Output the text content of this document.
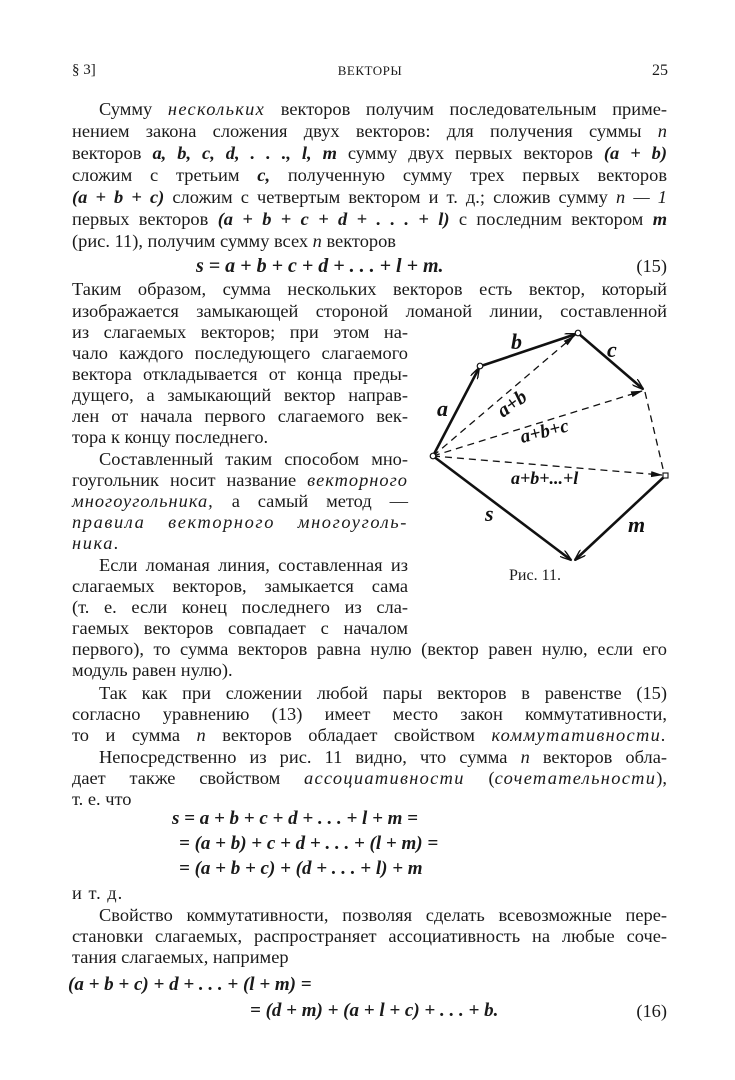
§ 3]	ВЕКТОРЫ	25
Сумму нескольких векторов получим последовательным приме-
нением закона сложения двух векторов: для получения суммы n
векторов a, b, c, d, . . ., l, m сумму двух первых векторов (a + b)
сложим с третьим c, полученную сумму трех первых векторов
(a + b + c) сложим с четвертым вектором и т. д.; сложив сумму n — 1
первых векторов (a + b + c + d + . . . + l) с последним вектором m
(рис. 11), получим сумму всех n векторов
s = a + b + c + d + . . . + l + m.	(15)
Таким образом, сумма нескольких векторов есть вектор, который
изображается замыкающей стороной ломаной линии, составленной
из слагаемых векторов; при этом на-
чало каждого последующего слагаемого
вектора откладывается от конца преды-
дущего, а замыкающий вектор направ-
лен от начала первого слагаемого век-
тора к концу последнего.
Составленный таким способом мно-
гоугольник носит название векторного
многоугольника, а самый метод —
правила векторного многоуголь-
ника.
Если ломаная линия, составленная из
слагаемых векторов, замыкается сама
(т. е. если конец последнего из сла-
гаемых векторов совпадает с началом
первого), то сумма векторов равна нулю (вектор равен нулю, если его
модуль равен нулю).
Так как при сложении любой пары векторов в равенстве (15)
согласно уравнению (13) имеет место закон коммутативности,
то и сумма n векторов обладает свойством коммутативности.
Непосредственно из рис. 11 видно, что сумма n векторов обла-
дает также свойством ассоциативности (сочетательности),
т. е. что
s = a + b + c + d + . . . + l + m =
= (a + b) + c + d + . . . + (l + m) =
= (a + b + c) + (d + . . . + l) + m
и т. д.
Свойство коммутативности, позволяя сделать всевозможные пере-
становки слагаемых, распространяет ассоциативность на любые соче-
тания слагаемых, например
(a + b + c) + d + . . . + (l + m) =
= (d + m) + (a + l + c) + . . . + b.	(16)
a
b	c
a+b
a+b+c
a+b+...+l
s	m
Рис. 11.
